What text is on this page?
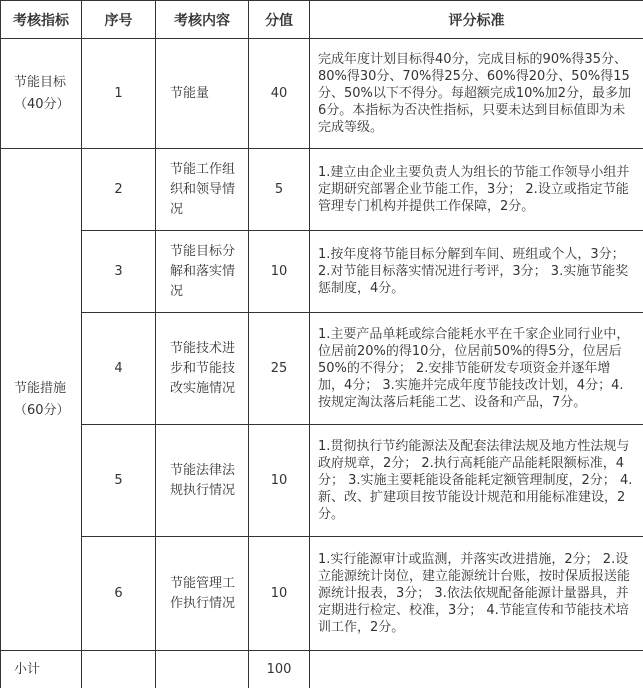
考核指标	序号	考核内容	分值	评分标准
节能目标（40分）	1	节能量	40	完成年度计划目标得40分，完成目标的90%得35分、80%得30分、70%得25分、60%得20分、50%得15分、50%以下不得分。每超额完成10%加2分，最多加6分。本指标为否决性指标，只要未达到目标值即为未完成等级。
节能措施（60分）	2	节能工作组织和领导情况	5	1.建立由企业主要负责人为组长的节能工作领导小组并定期研究部署企业节能工作，3分； 2.设立或指定节能管理专门机构并提供工作保障，2分。
	3	节能目标分解和落实情况	10	1.按年度将节能目标分解到车间、班组或个人，3分；2.对节能目标落实情况进行考评，3分； 3.实施节能奖惩制度，4分。
	4	节能技术进步和节能技改实施情况	25	1.主要产品单耗或综合能耗水平在千家企业同行业中，位居前20%的得10分，位居前50%的得5分，位居后50%的不得分； 2.安排节能研发专项资金并逐年增加，4分； 3.实施并完成年度节能技改计划，4分；4.按规定淘汰落后耗能工艺、设备和产品，7分。
	5	节能法律法规执行情况	10	1.贯彻执行节约能源法及配套法律法规及地方性法规与政府规章，2分； 2.执行高耗能产品能耗限额标准，4分； 3.实施主要耗能设备能耗定额管理制度，2分； 4.新、改、扩建项目按节能设计规范和用能标准建设，2分。
	6	节能管理工作执行情况	10	1.实行能源审计或监测，并落实改进措施，2分； 2.设立能源统计岗位，建立能源统计台账，按时保质报送能源统计报表，3分； 3.依法依规配备能源计量器具，并定期进行检定、校准，3分； 4.节能宣传和节能技术培训工作，2分。
小计			100	
